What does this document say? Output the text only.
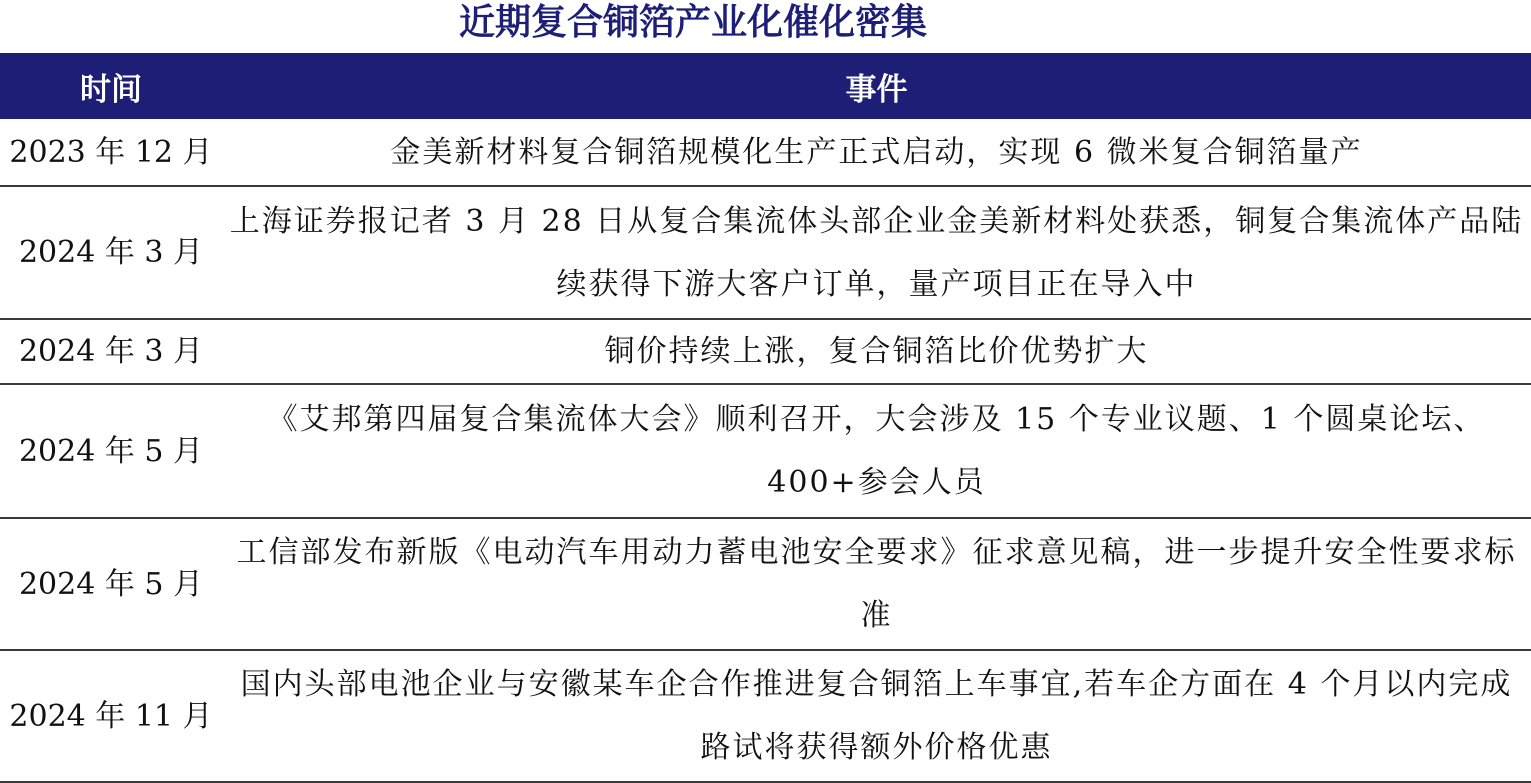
近期复合铜箔产业化催化密集
时间	事件
2023 年 12 月	金美新材料复合铜箔规模化生产正式启动，实现 6 微米复合铜箔量产
2024 年 3 月	上海证券报记者 3 月 28 日从复合集流体头部企业金美新材料处获悉，铜复合集流体产品陆续获得下游大客户订单，量产项目正在导入中
2024 年 3 月	铜价持续上涨，复合铜箔比价优势扩大
2024 年 5 月	《艾邦第四届复合集流体大会》顺利召开，大会涉及 15 个专业议题、1 个圆桌论坛、400+参会人员
2024 年 5 月	工信部发布新版《电动汽车用动力蓄电池安全要求》征求意见稿，进一步提升安全性要求标准
2024 年 11 月	国内头部电池企业与安徽某车企合作推进复合铜箔上车事宜,若车企方面在 4 个月以内完成路试将获得额外价格优惠
